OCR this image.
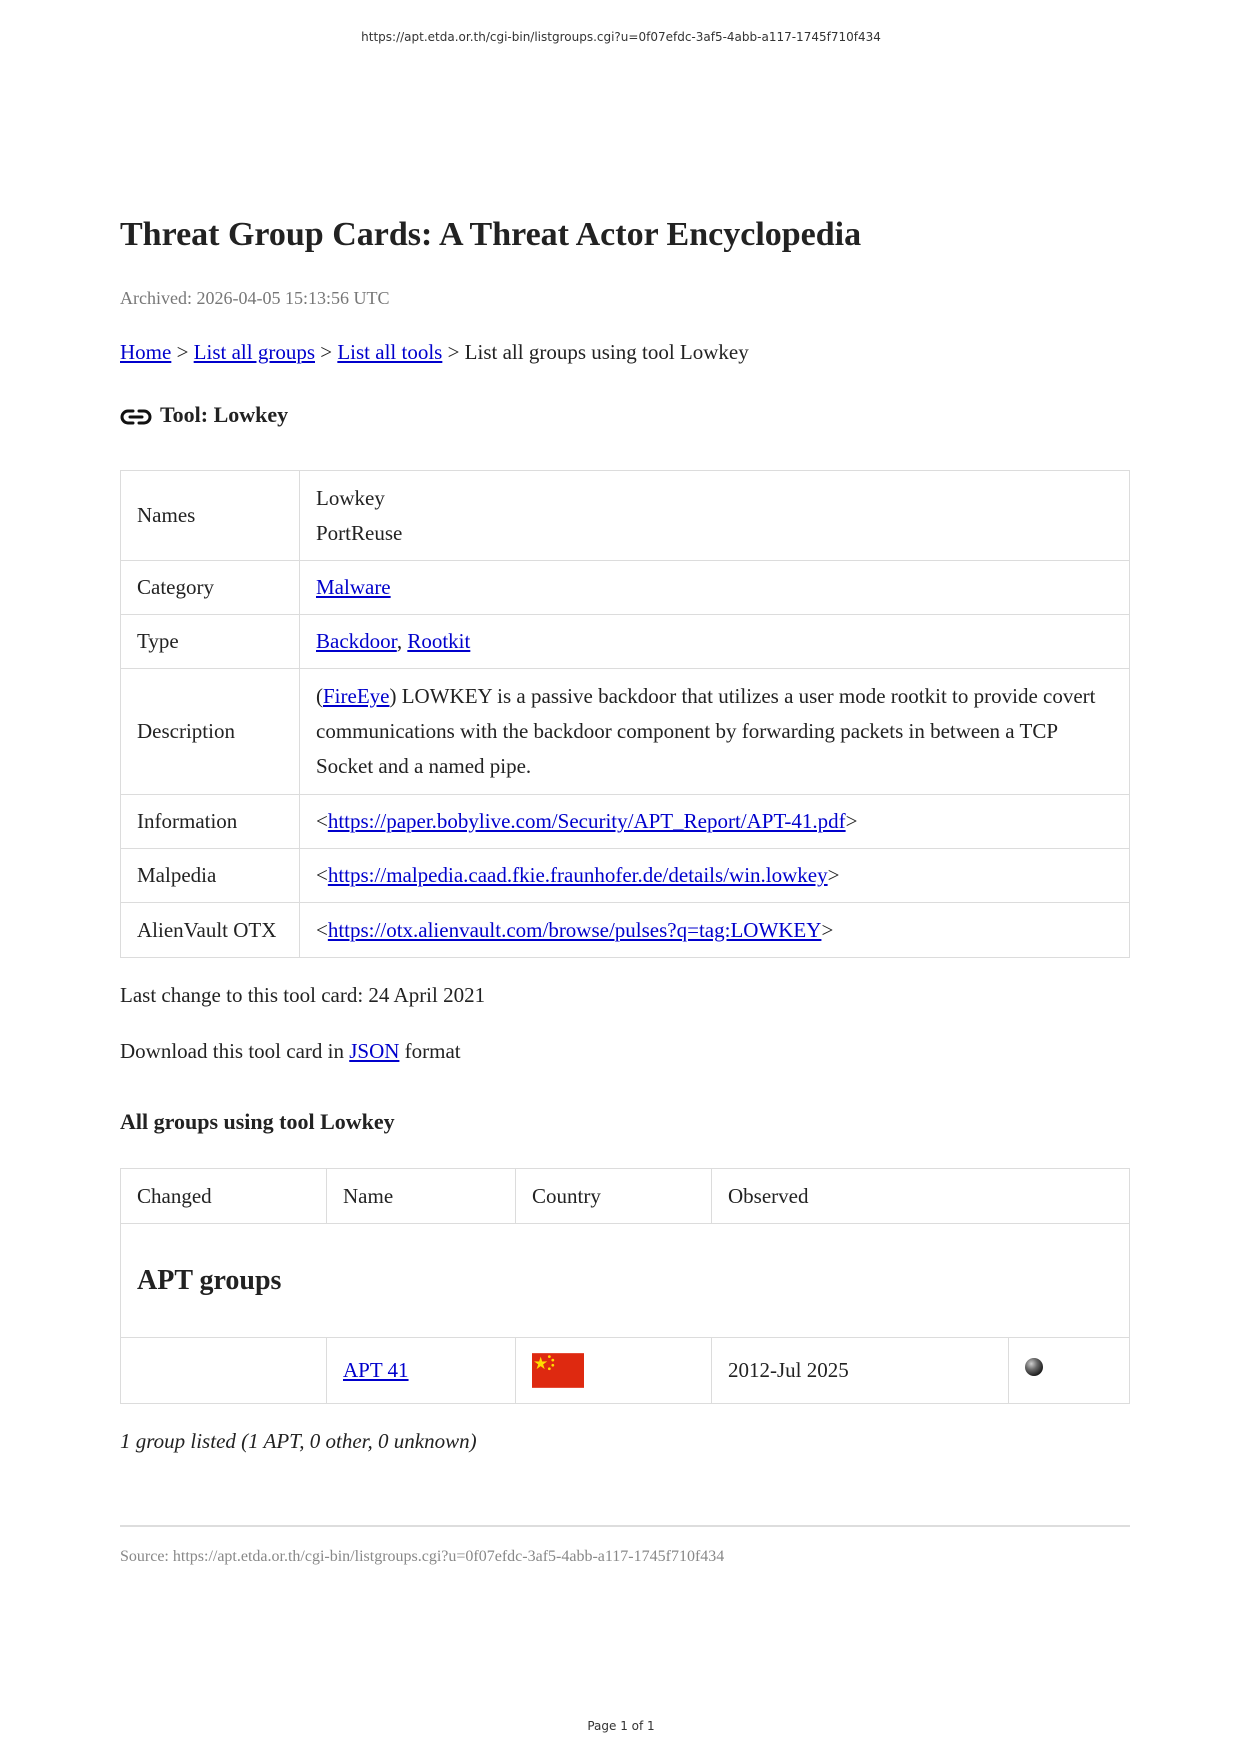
https://apt.etda.or.th/cgi-bin/listgroups.cgi?u=0f07efdc-3af5-4abb-a117-1745f710f434
Threat Group Cards: A Threat Actor Encyclopedia
Archived: 2026-04-05 15:13:56 UTC
Home > List all groups > List all tools > List all groups using tool Lowkey
Tool: Lowkey
Names	Lowkey
PortReuse

Category	Malware
Type	Backdoor, Rootkit
Description	(FireEye) LOWKEY is a passive backdoor that utilizes a user mode rootkit to provide covert communications with the backdoor component by forwarding packets in between a TCP Socket and a named pipe.
Information	<https://paper.bobylive.com/Security/APT_Report/APT-41.pdf>
Malpedia	<https://malpedia.caad.fkie.fraunhofer.de/details/win.lowkey>
AlienVault OTX	<https://otx.alienvault.com/browse/pulses?q=tag:LOWKEY>
Last change to this tool card: 24 April 2021
Download this tool card in JSON format
All groups using tool Lowkey
Changed	Name	Country	Observed	
APT groups				
	APT 41		2012-Jul 2025	
1 group listed (1 APT, 0 other, 0 unknown)
Source: https://apt.etda.or.th/cgi-bin/listgroups.cgi?u=0f07efdc-3af5-4abb-a117-1745f710f434
Page 1 of 1
